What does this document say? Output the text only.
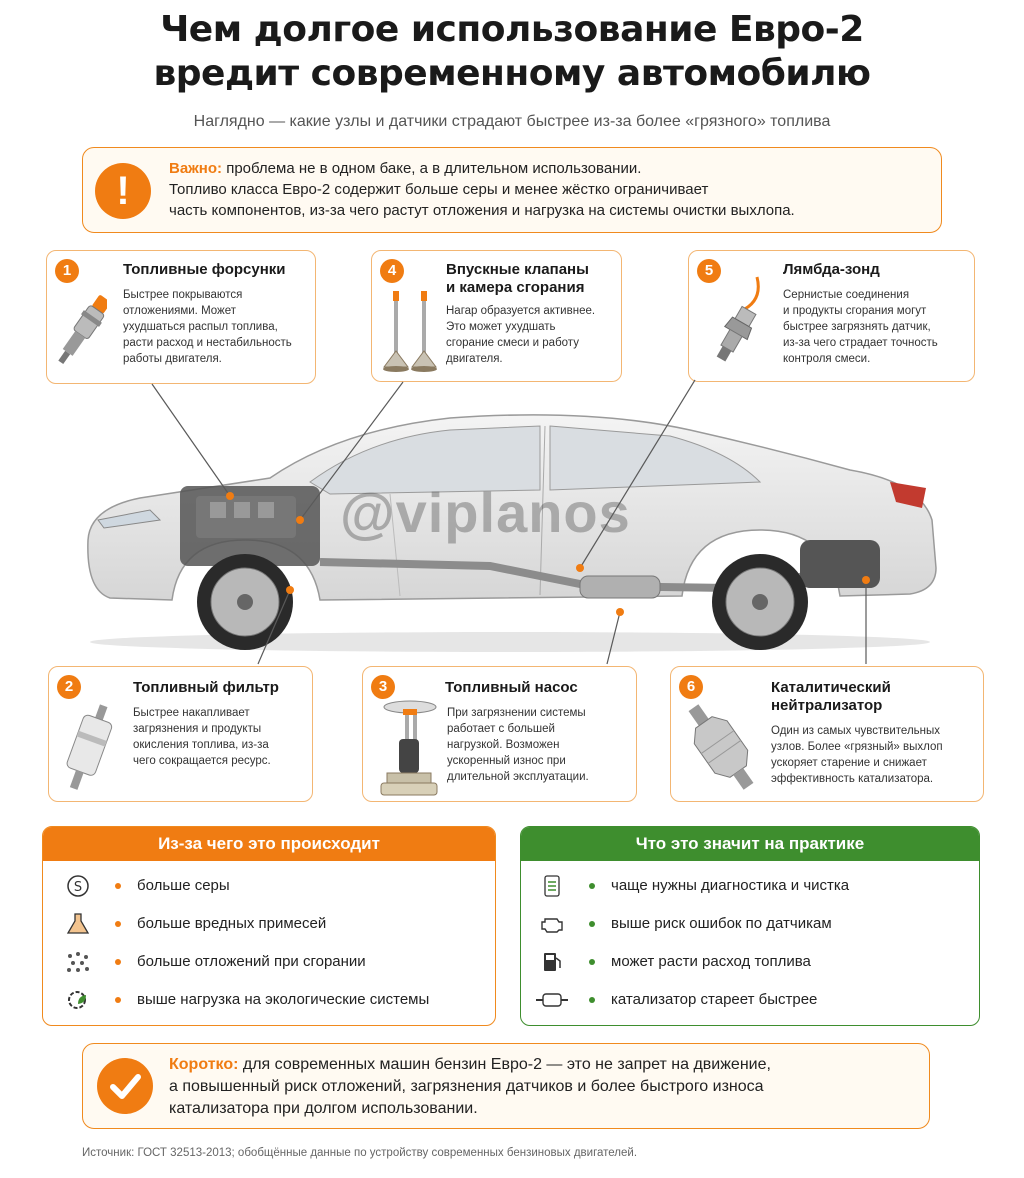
Чем долгое использование Евро-2
вредит современному автомобилю
Наглядно — какие узлы и датчики страдают быстрее из-за более «грязного» топлива
!
Важно: проблема не в одном баке, а в длительном использовании.
Топливо класса Евро-2 содержит больше серы и менее жёстко ограничивает
часть компонентов, из-за чего растут отложения и нагрузка на системы очистки выхлопа.
1	Топливные форсунки
Быстрее покрываются
отложениями. Может
ухудшаться распыл топлива,
расти расход и нестабильность
работы двигателя.
4	Впускные клапаны
и камера сгорания
Нагар образуется активнее.
Это может ухудшать
сгорание смеси и работу
двигателя.
5	Лямбда-зонд
Сернистые соединения
и продукты сгорания могут
быстрее загрязнять датчик,
из-за чего страдает точность
контроля смеси.
@viplanos
2	Топливный фильтр
Быстрее накапливает
загрязнения и продукты
окисления топлива, из-за
чего сокращается ресурс.
3	Топливный насос
При загрязнении системы
работает с большей
нагрузкой. Возможен
ускоренный износ при
длительной эксплуатации.
6	Каталитический
нейтрализатор
Один из самых чувствительных
узлов. Более «грязный» выхлоп
ускоряет старение и снижает
эффективность катализатора.
Из-за чего это происходит
S	больше серы
больше вредных примесей
больше отложений при сгорании
выше нагрузка на экологические системы
Что это значит на практике
чаще нужны диагностика и чистка
выше риск ошибок по датчикам
может расти расход топлива
катализатор стареет быстрее
Коротко: для современных машин бензин Евро-2 — это не запрет на движение,
а повышенный риск отложений, загрязнения датчиков и более быстрого износа
катализатора при долгом использовании.
Источник: ГОСТ 32513-2013; обобщённые данные по устройству современных бензиновых двигателей.
